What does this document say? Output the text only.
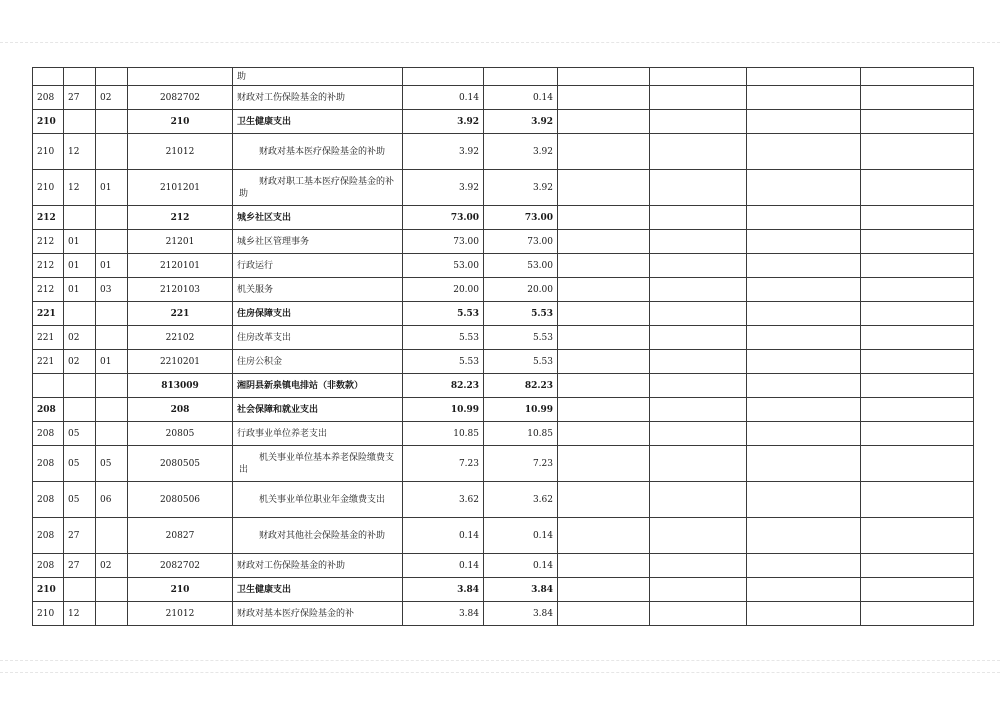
				助						
208	27	02	2082702	财政对工伤保险基金的补助	0.14	0.14				
210			210	卫生健康支出	3.92	3.92				
210	12		21012	财政对基本医疗保险基金的补助	3.92	3.92				
210	12	01	2101201	财政对职工基本医疗保险基金的补助	3.92	3.92				
212			212	城乡社区支出	73.00	73.00				
212	01		21201	城乡社区管理事务	73.00	73.00				
212	01	01	2120101	行政运行	53.00	53.00				
212	01	03	2120103	机关服务	20.00	20.00				
221			221	住房保障支出	5.53	5.53				
221	02		22102	住房改革支出	5.53	5.53				
221	02	01	2210201	住房公积金	5.53	5.53				
			813009	湘阴县新泉镇电排站（非数款）	82.23	82.23				
208			208	社会保障和就业支出	10.99	10.99				
208	05		20805	行政事业单位养老支出	10.85	10.85				
208	05	05	2080505	机关事业单位基本养老保险缴费支出	7.23	7.23				
208	05	06	2080506	机关事业单位职业年金缴费支出	3.62	3.62				
208	27		20827	财政对其他社会保险基金的补助	0.14	0.14				
208	27	02	2082702	财政对工伤保险基金的补助	0.14	0.14				
210			210	卫生健康支出	3.84	3.84				
210	12		21012	财政对基本医疗保险基金的补	3.84	3.84				
